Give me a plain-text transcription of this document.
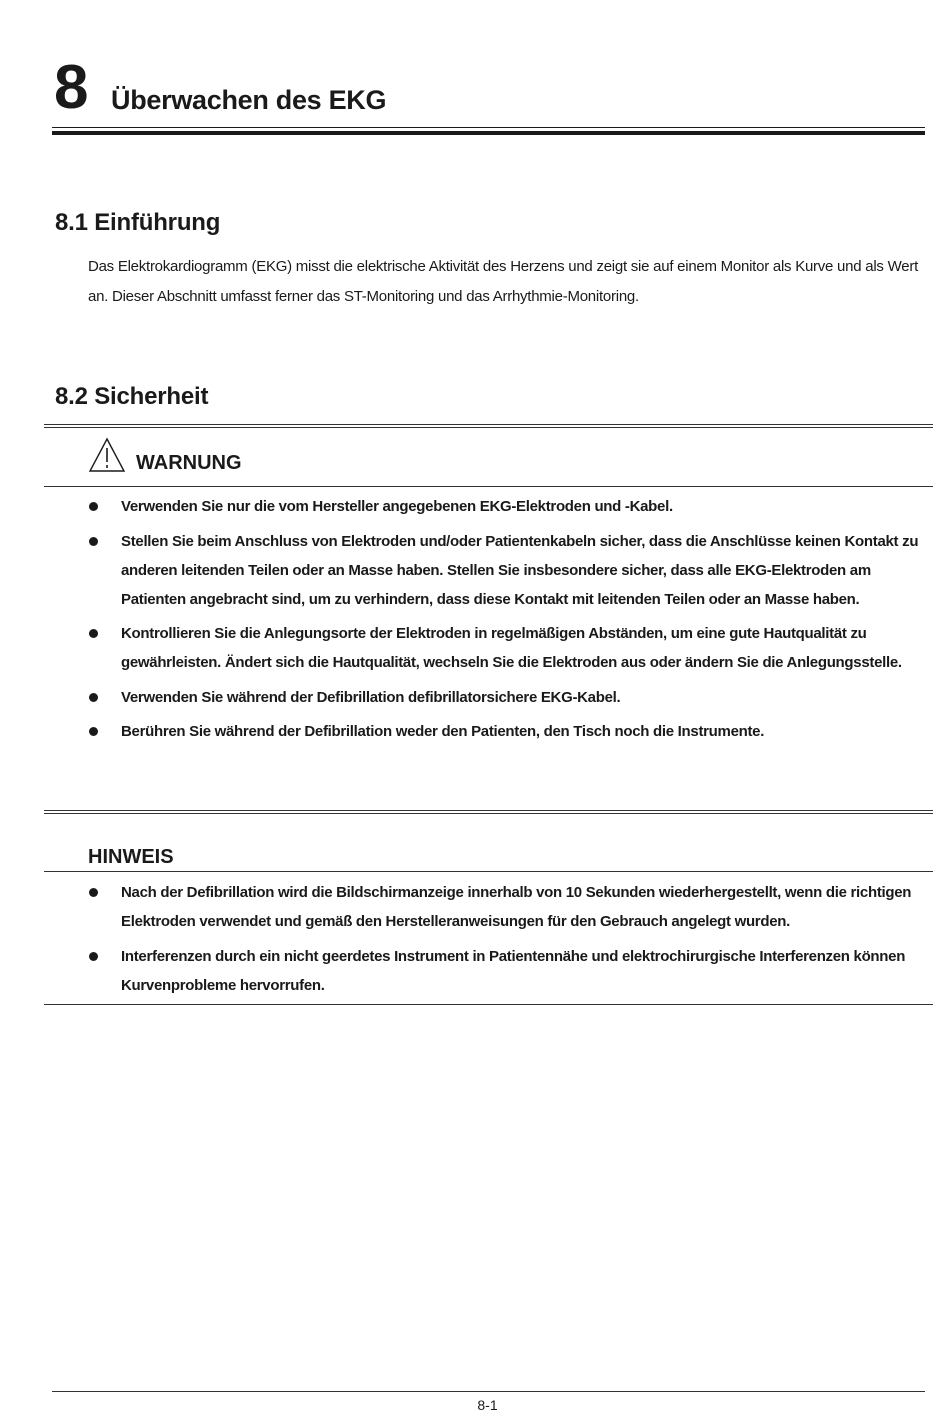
8 Überwachen des EKG
8.1 Einführung
Das Elektrokardiogramm (EKG) misst die elektrische Aktivität des Herzens und zeigt sie auf einem Monitor als Kurve und als Wert an. Dieser Abschnitt umfasst ferner das ST-Monitoring und das Arrhythmie-Monitoring.
8.2 Sicherheit
WARNUNG
Verwenden Sie nur die vom Hersteller angegebenen EKG-Elektroden und -Kabel.
Stellen Sie beim Anschluss von Elektroden und/oder Patientenkabeln sicher, dass die Anschlüsse keinen Kontakt zu anderen leitenden Teilen oder an Masse haben. Stellen Sie insbesondere sicher, dass alle EKG-Elektroden am Patienten angebracht sind, um zu verhindern, dass diese Kontakt mit leitenden Teilen oder an Masse haben.
Kontrollieren Sie die Anlegungsorte der Elektroden in regelmäßigen Abständen, um eine gute Hautqualität zu gewährleisten. Ändert sich die Hautqualität, wechseln Sie die Elektroden aus oder ändern Sie die Anlegungsstelle.
Verwenden Sie während der Defibrillation defibrillatorsichere EKG-Kabel.
Berühren Sie während der Defibrillation weder den Patienten, den Tisch noch die Instrumente.
HINWEIS
Nach der Defibrillation wird die Bildschirmanzeige innerhalb von 10 Sekunden wiederhergestellt, wenn die richtigen Elektroden verwendet und gemäß den Herstelleranweisungen für den Gebrauch angelegt wurden.
Interferenzen durch ein nicht geerdetes Instrument in Patientennähe und elektrochirurgische Interferenzen können Kurvenprobleme hervorrufen.
8-1
